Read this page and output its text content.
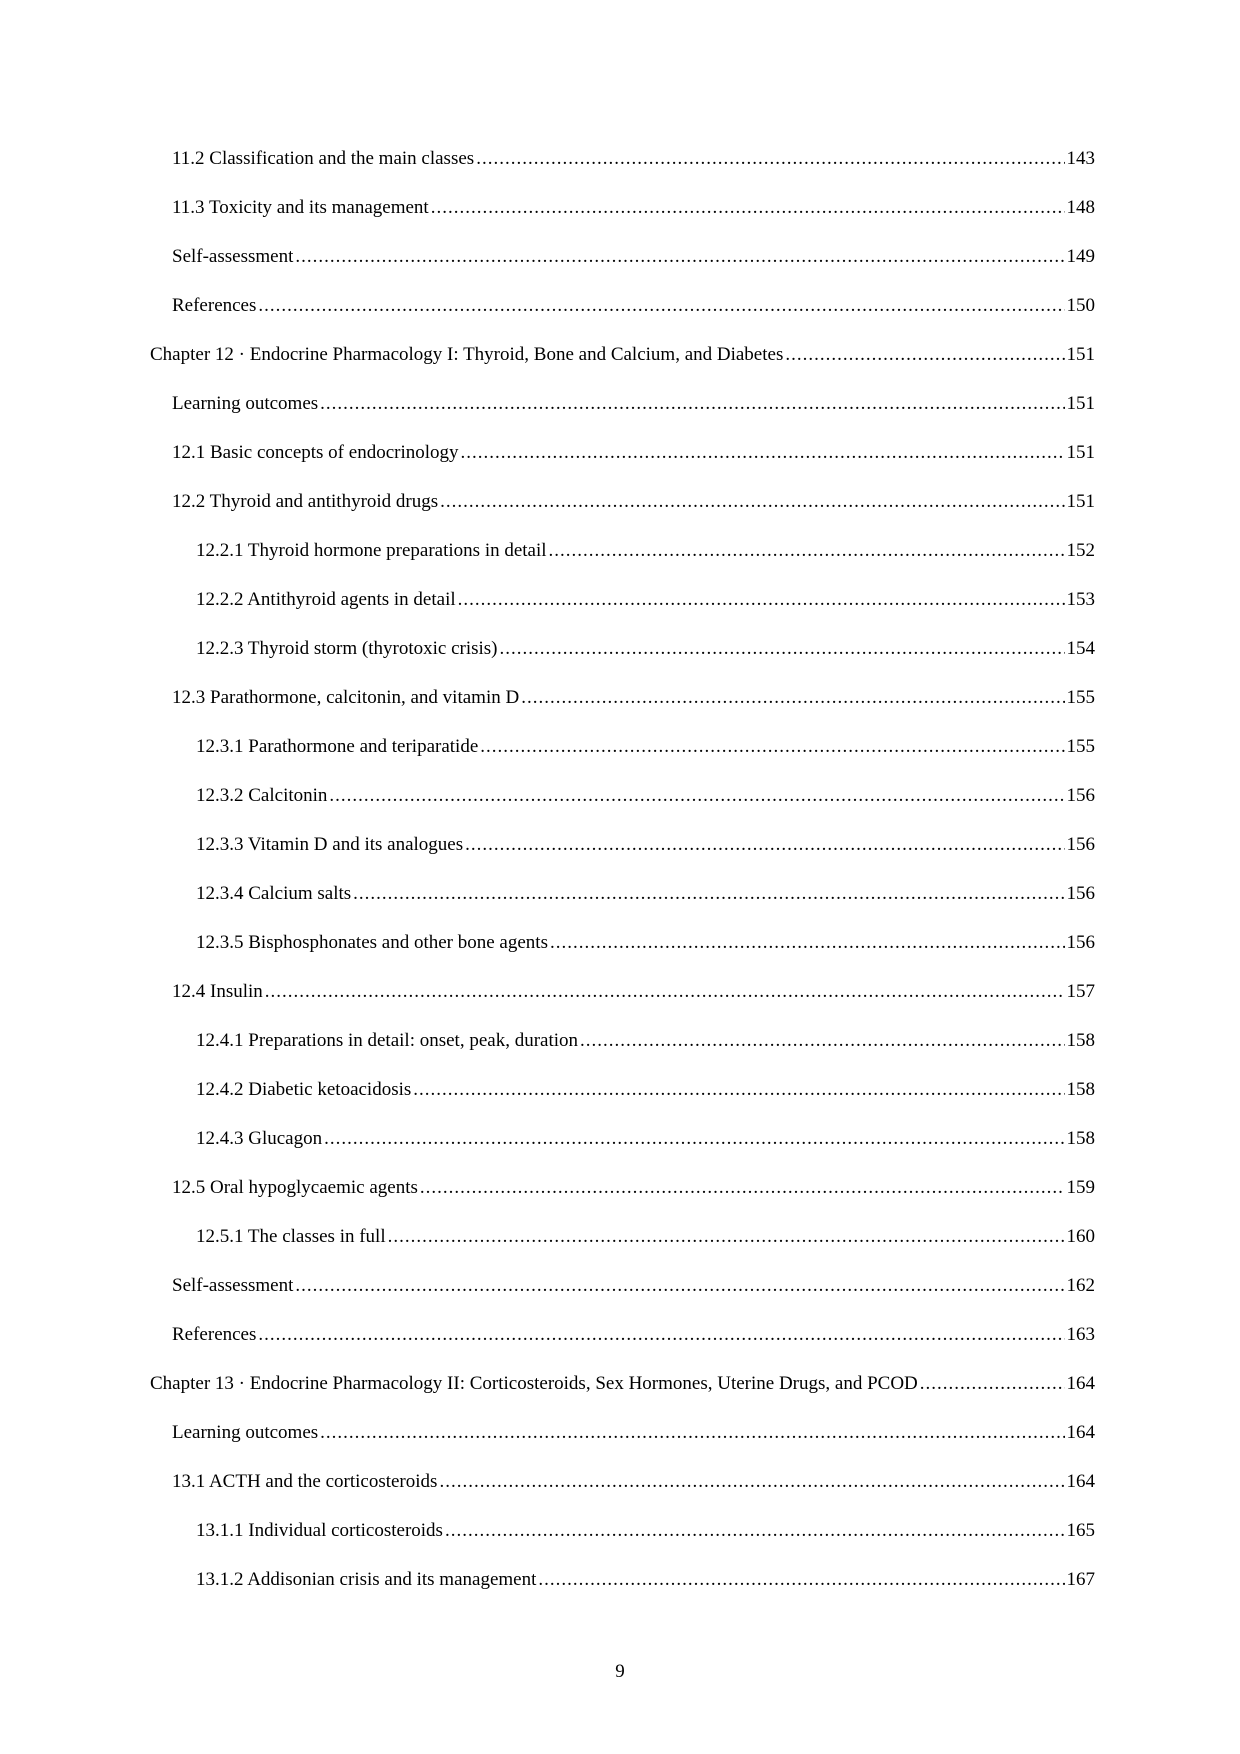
11.2 Classification and the main classes .....	143
11.3 Toxicity and its management .....	148
Self-assessment .....	149
References .....	150
Chapter 12 · Endocrine Pharmacology I: Thyroid, Bone and Calcium, and Diabetes .....	151
Learning outcomes .....	151
12.1 Basic concepts of endocrinology .....	151
12.2 Thyroid and antithyroid drugs .....	151
12.2.1 Thyroid hormone preparations in detail .....	152
12.2.2 Antithyroid agents in detail .....	153
12.2.3 Thyroid storm (thyrotoxic crisis) .....	154
12.3 Parathormone, calcitonin, and vitamin D .....	155
12.3.1 Parathormone and teriparatide .....	155
12.3.2 Calcitonin .....	156
12.3.3 Vitamin D and its analogues .....	156
12.3.4 Calcium salts .....	156
12.3.5 Bisphosphonates and other bone agents .....	156
12.4 Insulin .....	157
12.4.1 Preparations in detail: onset, peak, duration .....	158
12.4.2 Diabetic ketoacidosis .....	158
12.4.3 Glucagon .....	158
12.5 Oral hypoglycaemic agents .....	159
12.5.1 The classes in full .....	160
Self-assessment .....	162
References .....	163
Chapter 13 · Endocrine Pharmacology II: Corticosteroids, Sex Hormones, Uterine Drugs, and PCOD .....	164
Learning outcomes .....	164
13.1 ACTH and the corticosteroids .....	164
13.1.1 Individual corticosteroids .....	165
13.1.2 Addisonian crisis and its management .....	167
9
